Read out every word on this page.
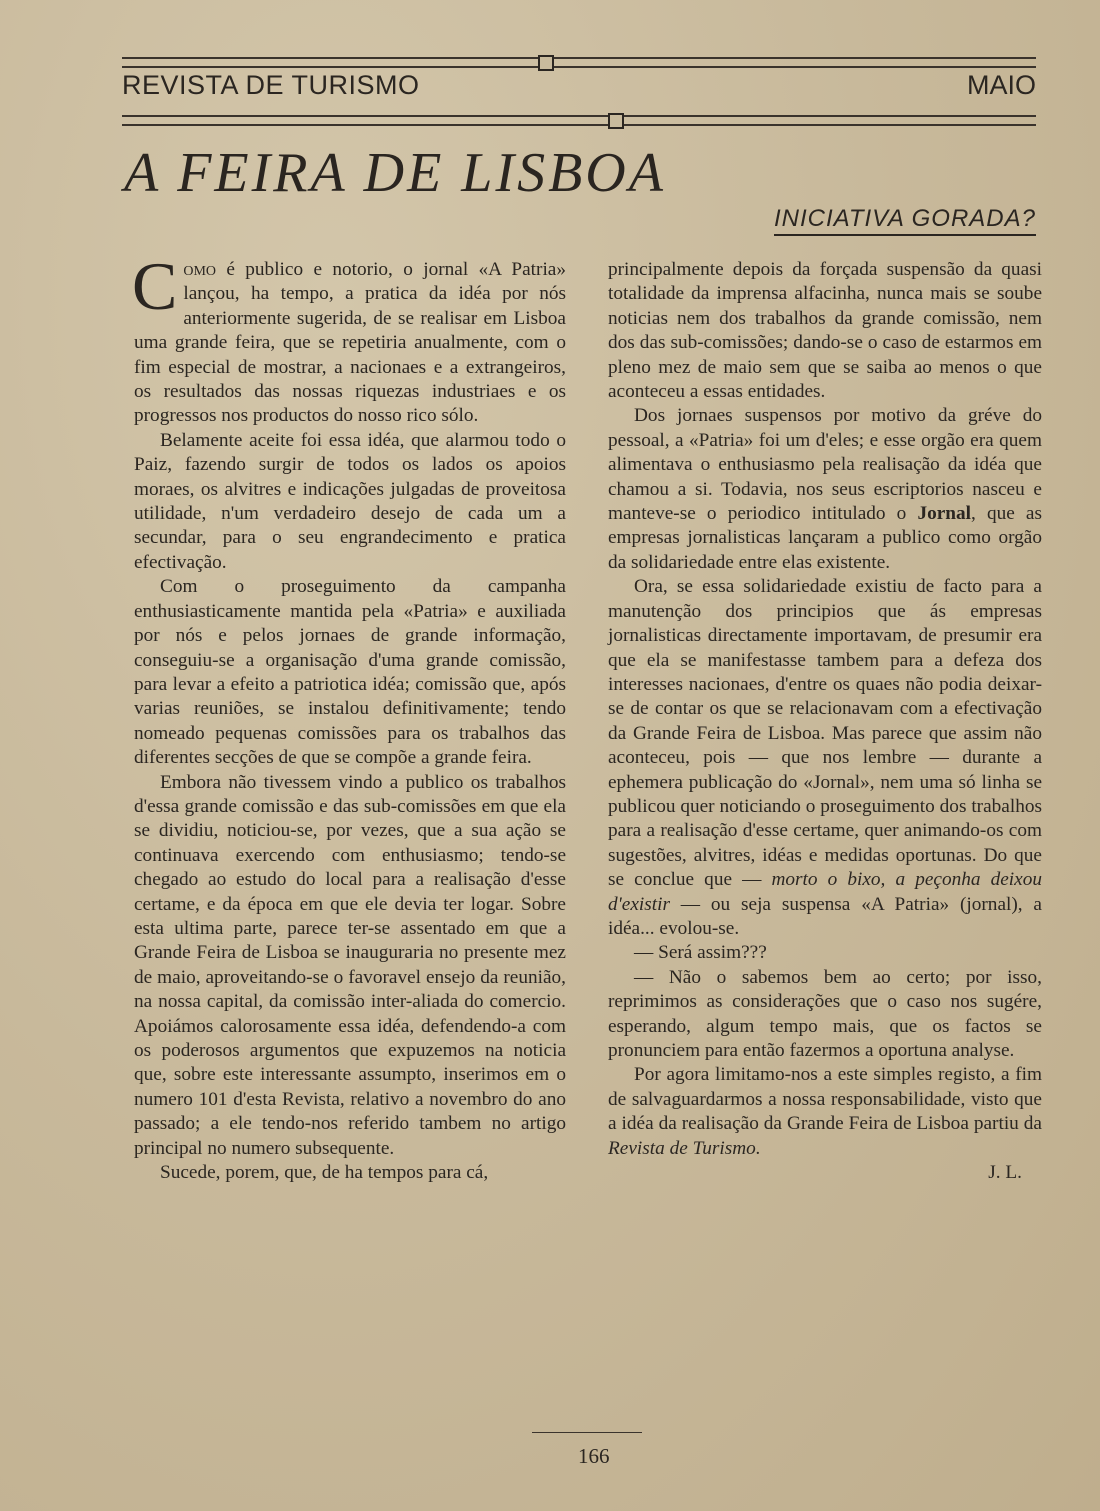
REVISTA DE TURISMO	MAIO
A FEIRA DE LISBOA
INICIATIVA GORADA?

Como é publico e notorio, o jornal «A Patria» lançou, ha tempo, a pratica da idéa por nós anteriormente sugerida, de se realisar em Lisboa uma grande feira, que se repetiria anualmente, com o fim especial de mostrar, a nacionaes e a extrangeiros, os resultados das nossas riquezas industriaes e os progressos nos productos do nosso rico sólo.

Belamente aceite foi essa idéa, que alarmou todo o Paiz, fazendo surgir de todos os lados os apoios moraes, os alvitres e indicações julgadas de proveitosa utilidade, n'um verdadeiro desejo de cada um a secundar, para o seu engrandecimento e pratica efectivação.

Com o proseguimento da campanha enthusiasticamente mantida pela «Patria» e auxiliada por nós e pelos jornaes de grande informação, conseguiu-se a organisação d'uma grande comissão, para levar a efeito a patriotica idéa; comissão que, após varias reuniões, se instalou definitivamente; tendo nomeado pequenas comissões para os trabalhos das diferentes secções de que se compõe a grande feira.

Embora não tivessem vindo a publico os trabalhos d'essa grande comissão e das sub-comissões em que ela se dividiu, noticiou-se, por vezes, que a sua ação se continuava exercendo com enthusiasmo; tendo-se chegado ao estudo do local para a realisação d'esse certame, e da época em que ele devia ter logar. Sobre esta ultima parte, parece ter-se assentado em que a Grande Feira de Lisboa se inauguraria no presente mez de maio, aproveitando-se o favoravel ensejo da reunião, na nossa capital, da comissão inter-aliada do comercio. Apoiámos calorosamente essa idéa, defendendo-a com os poderosos argumentos que expuzemos na noticia que, sobre este interessante assumpto, inserimos em o numero 101 d'esta Revista, relativo a novembro do ano passado; a ele tendo-nos referido tambem no artigo principal no numero subsequente.

Sucede, porem, que, de ha tempos para cá,

principalmente depois da forçada suspensão da quasi totalidade da imprensa alfacinha, nunca mais se soube noticias nem dos trabalhos da grande comissão, nem dos das sub-comissões; dando-se o caso de estarmos em pleno mez de maio sem que se saiba ao menos o que aconteceu a essas entidades.

Dos jornaes suspensos por motivo da gréve do pessoal, a «Patria» foi um d'eles; e esse orgão era quem alimentava o enthusiasmo pela realisação da idéa que chamou a si. Todavia, nos seus escriptorios nasceu e manteve-se o periodico intitulado o Jornal, que as empresas jornalisticas lançaram a publico como orgão da solidariedade entre elas existente.

Ora, se essa solidariedade existiu de facto para a manutenção dos principios que ás empresas jornalisticas directamente importavam, de presumir era que ela se manifestasse tambem para a defeza dos interesses nacionaes, d'entre os quaes não podia deixar-se de contar os que se relacionavam com a efectivação da Grande Feira de Lisboa. Mas parece que assim não aconteceu, pois — que nos lembre — durante a ephemera publicação do «Jornal», nem uma só linha se publicou quer noticiando o proseguimento dos trabalhos para a realisação d'esse certame, quer animando-os com sugestões, alvitres, idéas e medidas oportunas. Do que se conclue que — morto o bixo, a peçonha deixou d'existir — ou seja suspensa «A Patria» (jornal), a idéa... evolou-se.

— Será assim???

— Não o sabemos bem ao certo; por isso, reprimimos as considerações que o caso nos sugére, esperando, algum tempo mais, que os factos se pronunciem para então fazermos a oportuna analyse.

Por agora limitamo-nos a este simples registo, a fim de salvaguardarmos a nossa responsabilidade, visto que a idéa da realisação da Grande Feira de Lisboa partiu da Revista de Turismo.

J. L.

166
